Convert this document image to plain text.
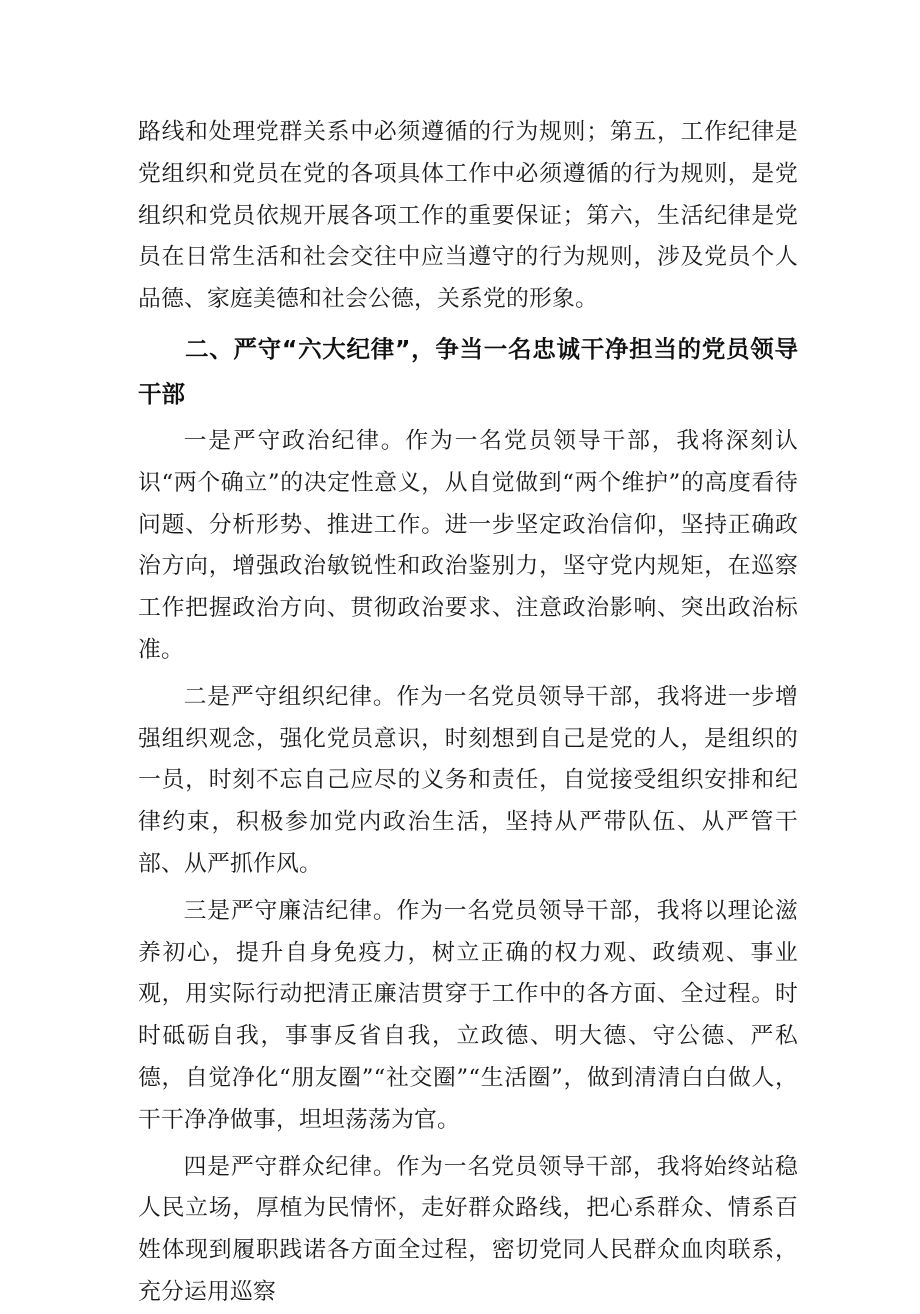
路线和处理党群关系中必须遵循的行为规则；第五，工作纪律是党组织和党员在党的各项具体工作中必须遵循的行为规则，是党组织和党员依规开展各项工作的重要保证；第六，生活纪律是党员在日常生活和社会交往中应当遵守的行为规则，涉及党员个人品德、家庭美德和社会公德，关系党的形象。

二、严守“六大纪律”，争当一名忠诚干净担当的党员领导干部

一是严守政治纪律。作为一名党员领导干部，我将深刻认识“两个确立”的决定性意义，从自觉做到“两个维护”的高度看待问题、分析形势、推进工作。进一步坚定政治信仰，坚持正确政治方向，增强政治敏锐性和政治鉴别力，坚守党内规矩，在巡察工作把握政治方向、贯彻政治要求、注意政治影响、突出政治标准。

二是严守组织纪律。作为一名党员领导干部，我将进一步增强组织观念，强化党员意识，时刻想到自己是党的人，是组织的一员，时刻不忘自己应尽的义务和责任，自觉接受组织安排和纪律约束，积极参加党内政治生活，坚持从严带队伍、从严管干部、从严抓作风。

三是严守廉洁纪律。作为一名党员领导干部，我将以理论滋养初心，提升自身免疫力，树立正确的权力观、政绩观、事业观，用实际行动把清正廉洁贯穿于工作中的各方面、全过程。时时砥砺自我，事事反省自我，立政德、明大德、守公德、严私德，自觉净化“朋友圈”“社交圈”“生活圈”，做到清清白白做人，干干净净做事，坦坦荡荡为官。

四是严守群众纪律。作为一名党员领导干部，我将始终站稳人民立场，厚植为民情怀，走好群众路线，把心系群众、情系百姓体现到履职践诺各方面全过程，密切党同人民群众血肉联系，充分运用巡察
